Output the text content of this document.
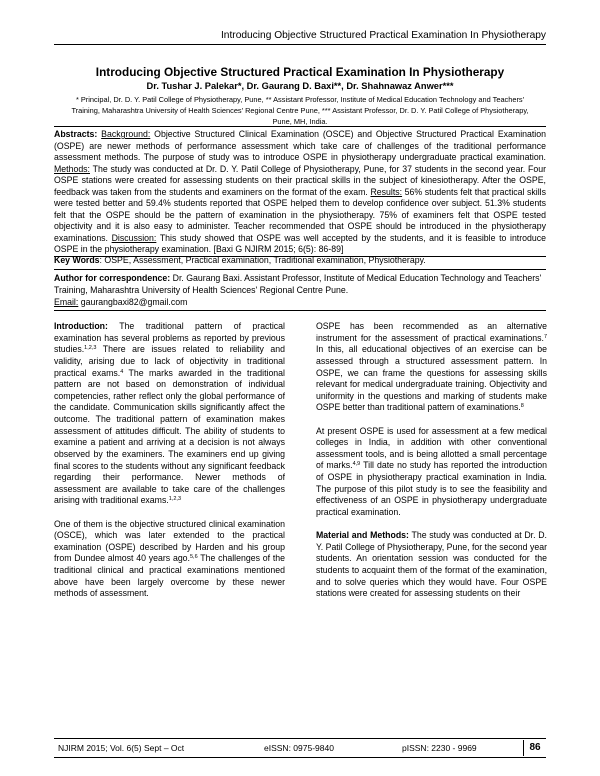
Introducing Objective Structured Practical Examination In Physiotherapy
Introducing Objective Structured Practical Examination In Physiotherapy
Dr. Tushar J. Palekar*, Dr. Gaurang D. Baxi**, Dr. Shahnawaz Anwer***
* Principal, Dr. D. Y. Patil College of Physiotherapy, Pune, ** Assistant Professor, Institute of Medical Education Technology and Teachers' Training, Maharashtra University of Health Sciences' Regional Centre Pune, *** Assistant Professor, Dr. D. Y. Patil College of Physiotherapy, Pune, MH, India.
Abstracts: Background: Objective Structured Clinical Examination (OSCE) and Objective Structured Practical Examination (OSPE) are newer methods of performance assessment which take care of challenges of the traditional performance assessment methods. The purpose of study was to introduce OSPE in physiotherapy undergraduate practical examination. Methods: The study was conducted at Dr. D. Y. Patil College of Physiotherapy, Pune, for 37 students in the second year. Four OSPE stations were created for assessing students on their practical skills in the subject of kinesiotherapy. After the OSPE, feedback was taken from the students and examiners on the format of the exam. Results: 56% students felt that practical skills were tested better and 59.4% students reported that OSPE helped them to develop confidence over subject. 51.3% students felt that the OSPE should be the pattern of examination in the physiotherapy. 75% of examiners felt that OSPE tested objectivity and it is also easy to administer. Teacher recommended that OSPE should be introduced in the physiotherapy examinations. Discussion: This study showed that OSPE was well accepted by the students, and it is feasible to introduce OSPE in the physiotherapy examination. [Baxi G NJIRM 2015; 6(5): 86-89]
Key Words: OSPE, Assessment, Practical examination, Traditional examination, Physiotherapy.
Author for correspondence: Dr. Gaurang Baxi. Assistant Professor, Institute of Medical Education Technology and Teachers' Training, Maharashtra University of Health Sciences' Regional Centre Pune.
Email: gaurangbaxi82@gmail.com

Introduction: The traditional pattern of practical examination has several problems as reported by previous studies.$^{1,2,3}$ There are issues related to reliability and validity, arising due to lack of objectivity in traditional practical exams.$^4$ The marks awarded in the traditional pattern are not based on demonstration of individual competencies, rather reflect only the global performance of the candidate. Communication skills significantly affect the outcome. The traditional pattern of examination makes assessment of attitudes difficult. The ability of students to examine a patient and arriving at a decision is not always observed by the examiners. The examiners end up giving final scores to the students without any significant feedback regarding their performance. Newer methods of assessment are available to take care of the challenges arising with traditional exams.$^{1,2,3}$

One of them is the objective structured clinical examination (OSCE), which was later extended to the practical examination (OSPE) described by Harden and his group from Dundee almost 40 years ago.$^{5,6}$ The challenges of the traditional clinical and practical examinations mentioned above have been largely overcome by these newer methods of assessment.

OSPE has been recommended as an alternative instrument for the assessment of practical examinations.$^7$ In this, all educational objectives of an exercise can be assessed through a structured assessment pattern. In OSPE, we can frame the questions for assessing skills relevant for medical undergraduate training. Objectivity and uniformity in the questions and marking of students make OSPE better than traditional pattern of examinations.$^8$

At present OSPE is used for assessment at a few medical colleges in India, in addition with other conventional assessment tools, and is being allotted a small percentage of marks.$^{4,9}$ Till date no study has reported the introduction of OSPE in physiotherapy practical examination in India. The purpose of this pilot study is to see the feasibility and effectiveness of an OSPE in physiotherapy undergraduate practical examination.

Material and Methods: The study was conducted at Dr. D. Y. Patil College of Physiotherapy, Pune, for the second year students. An orientation session was conducted for the students to acquaint them of the format of the examination, and to solve queries which they would have. Four OSPE stations were created for assessing students on their

NJIRM 2015; Vol. 6(5) Sept – Oct	eISSN: 0975-9840	pISSN: 2230 - 9969	86
